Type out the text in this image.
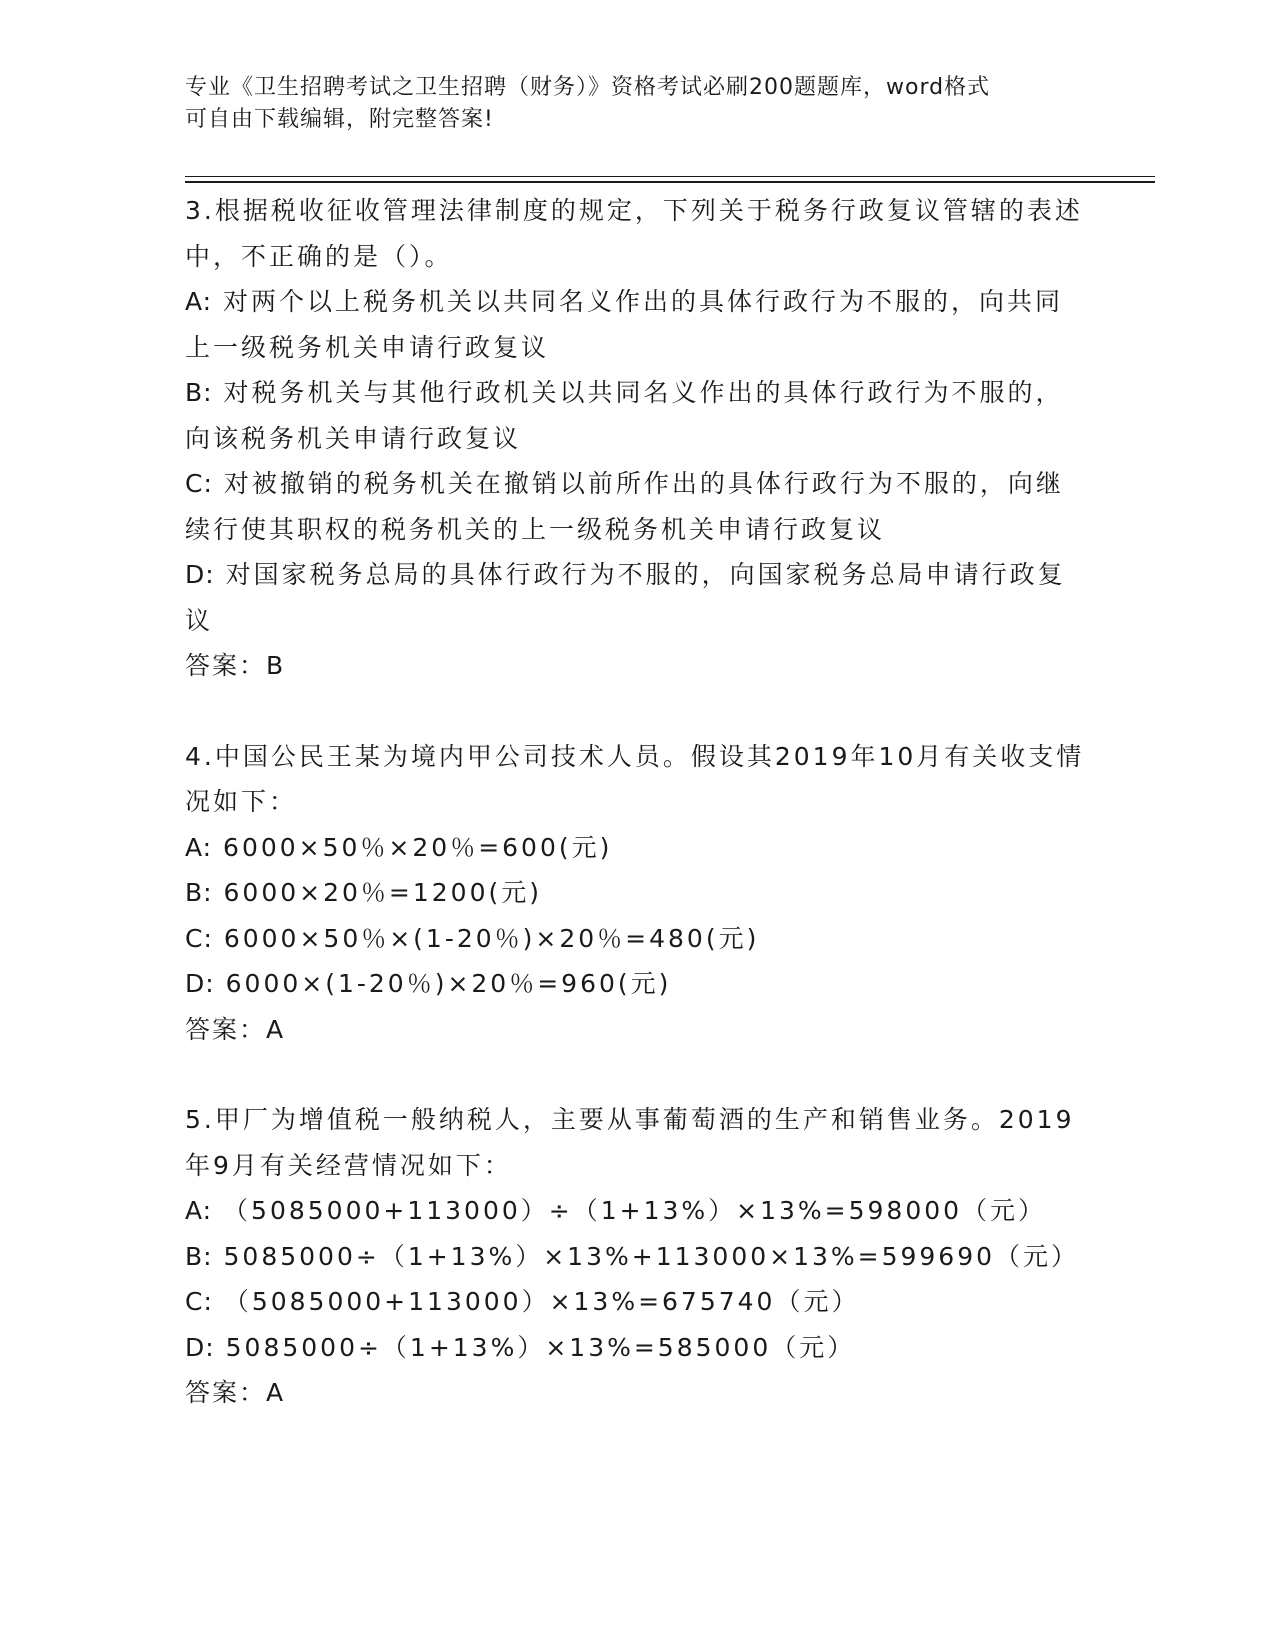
专业《卫生招聘考试之卫生招聘（财务）》资格考试必刷200题题库，word格式
可自由下载编辑，附完整答案!
3.根据税收征收管理法律制度的规定，下列关于税务行政复议管辖的表述中，不正确的是（）。
A: 对两个以上税务机关以共同名义作出的具体行政行为不服的，向共同上一级税务机关申请行政复议
B: 对税务机关与其他行政机关以共同名义作出的具体行政行为不服的，向该税务机关申请行政复议
C: 对被撤销的税务机关在撤销以前所作出的具体行政行为不服的，向继续行使其职权的税务机关的上一级税务机关申请行政复议
D: 对国家税务总局的具体行政行为不服的，向国家税务总局申请行政复议
答案：B
4.中国公民王某为境内甲公司技术人员。假设其2019年10月有关收支情况如下：
A: 6000×50％×20％=600(元)
B: 6000×20％=1200(元)
C: 6000×50％×(1-20％)×20％=480(元)
D: 6000×(1-20％)×20％=960(元)
答案：A
5.甲厂为增值税一般纳税人，主要从事葡萄酒的生产和销售业务。2019年9月有关经营情况如下：
A: （5085000+113000）÷（1+13%）×13%=598000（元）
B: 5085000÷（1+13%）×13%+113000×13%=599690（元）
C: （5085000+113000）×13%=675740（元）
D: 5085000÷（1+13%）×13%=585000（元）
答案：A
